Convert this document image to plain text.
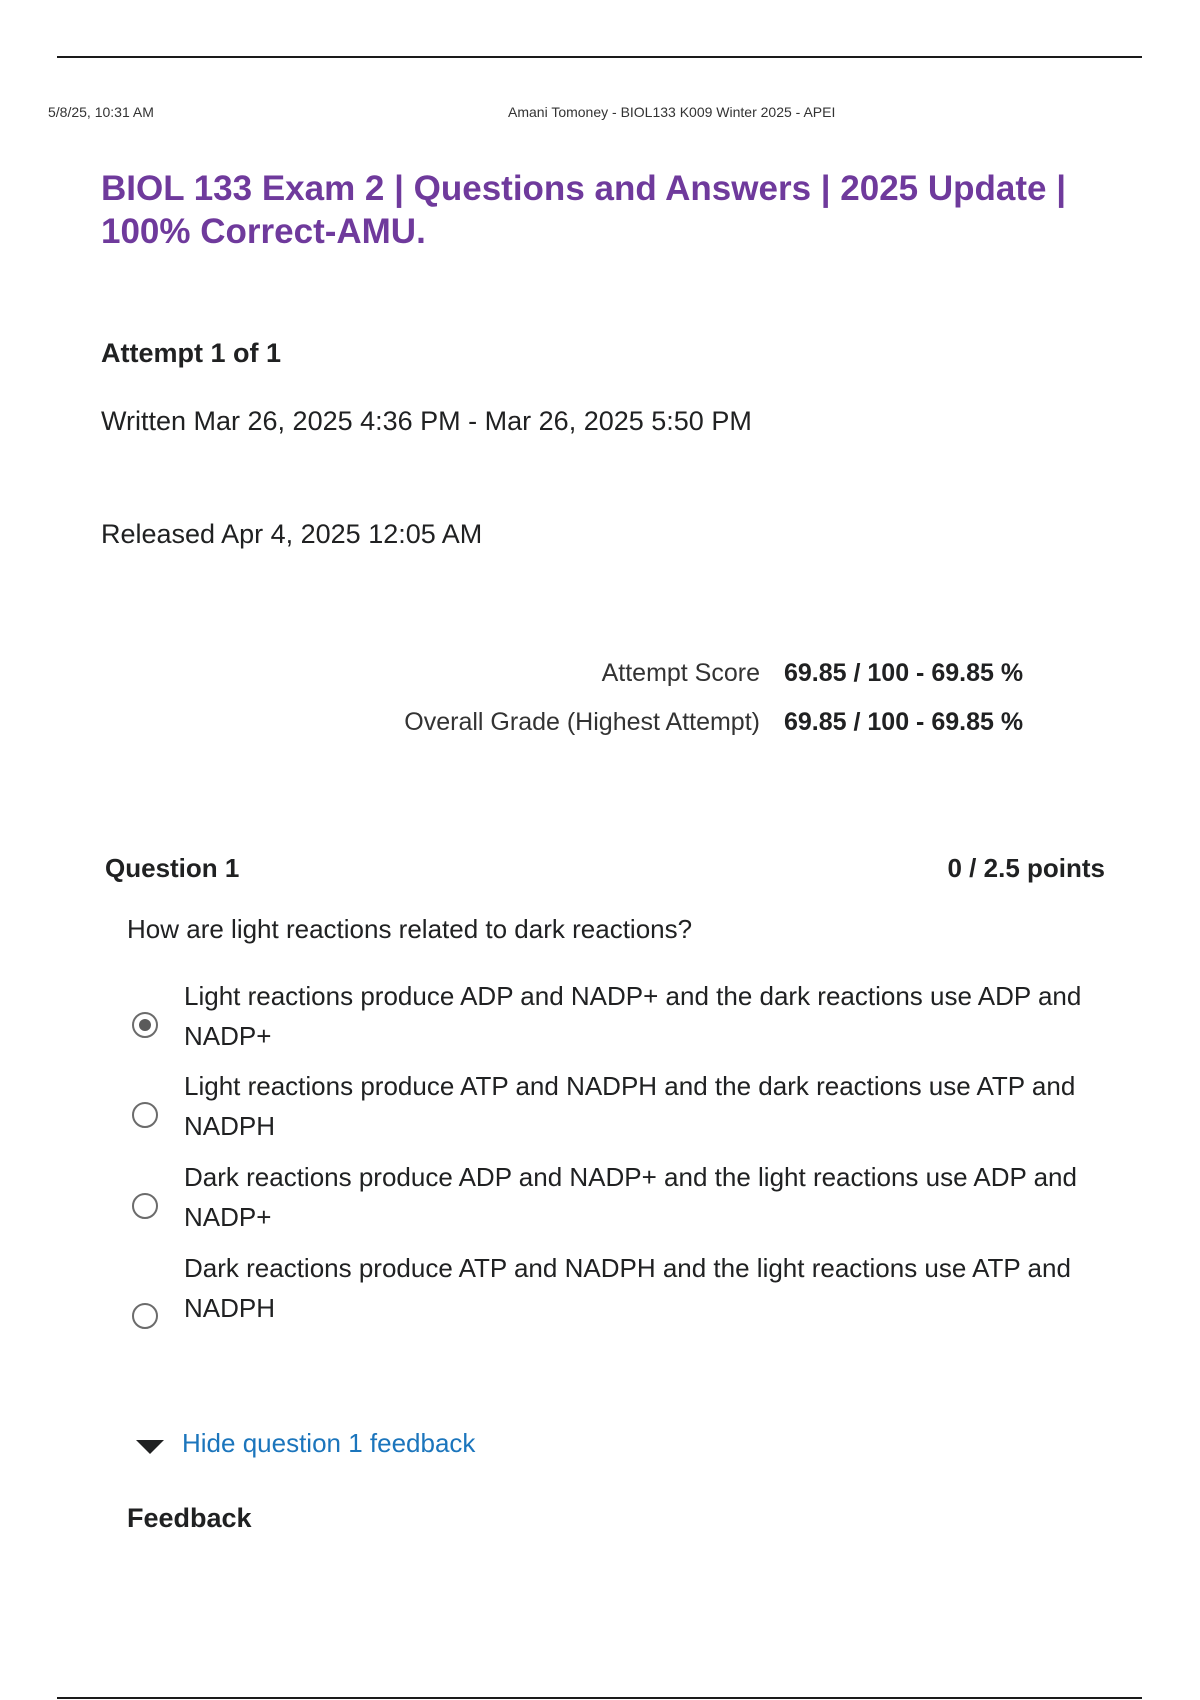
5/8/25, 10:31 AM	Amani Tomoney - BIOL133 K009 Winter 2025 - APEI
BIOL 133 Exam 2 | Questions and Answers | 2025 Update | 100% Correct-AMU.
Attempt 1 of 1
Written Mar 26, 2025 4:36 PM - Mar 26, 2025 5:50 PM
Released Apr 4, 2025 12:05 AM
Attempt Score 69.85 / 100 - 69.85 %
Overall Grade (Highest Attempt) 69.85 / 100 - 69.85 %
Question 1	0 / 2.5 points
How are light reactions related to dark reactions?
Light reactions produce ADP and NADP+ and the dark reactions use ADP and NADP+
Light reactions produce ATP and NADPH and the dark reactions use ATP and NADPH
Dark reactions produce ADP and NADP+ and the light reactions use ADP and NADP+
Dark reactions produce ATP and NADPH and the light reactions use ATP and NADPH
Hide question 1 feedback
Feedback
